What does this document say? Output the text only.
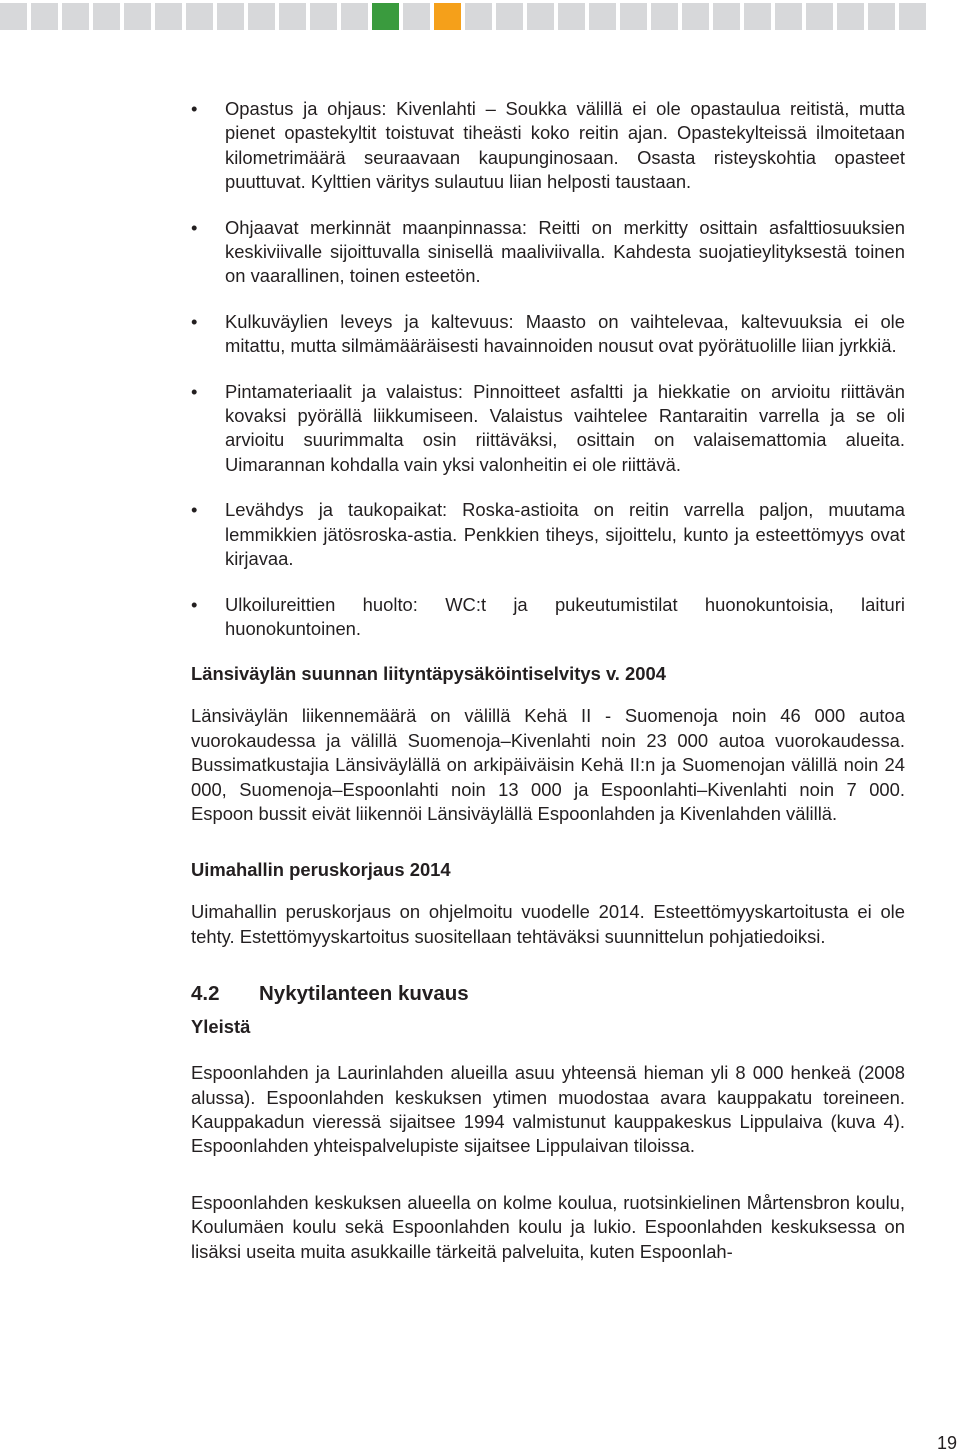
• Opastus ja ohjaus: Kivenlahti – Soukka välillä ei ole opastaulua reitistä, mutta pienet opastekyltit toistuvat tiheästi koko reitin ajan. Opastekylteissä ilmoitetaan kilometrimäärä seuraavaan kaupunginosaan. Osasta risteyskohtia opasteet puuttuvat. Kylttien väritys sulautuu liian helposti taustaan.
• Ohjaavat merkinnät maanpinnassa: Reitti on merkitty osittain asfalttiosuuksien keskiviivalle sijoittuvalla sinisellä maaliviivalla. Kahdesta suojatieylityksestä toinen on vaarallinen, toinen esteetön.
• Kulkuväylien leveys ja kaltevuus: Maasto on vaihtelevaa, kaltevuuksia ei ole mitattu, mutta silmämääräisesti havainnoiden nousut ovat pyörätuolille liian jyrkkiä.
• Pintamateriaalit ja valaistus: Pinnoitteet asfaltti ja hiekkatie on arvioitu riittävän kovaksi pyörällä liikkumiseen. Valaistus vaihtelee Rantaraitin varrella ja se oli arvioitu suurimmalta osin riittäväksi, osittain on valaisemattomia alueita. Uimarannan kohdalla vain yksi valonheitin ei ole riittävä.
• Levähdys ja taukopaikat: Roska-astioita on reitin varrella paljon, muutama lemmikkien jätösroska-astia. Penkkien tiheys, sijoittelu, kunto ja esteettömyys ovat kirjavaa.
• Ulkoilureittien huolto: WC:t ja pukeutumistilat huonokuntoisia, laituri huonokuntoinen.
Länsiväylän suunnan liityntäpysäköintiselvitys v. 2004

Länsiväylän liikennemäärä on välillä Kehä II - Suomenoja noin 46 000 autoa vuorokaudessa ja välillä Suomenoja–Kivenlahti noin 23 000 autoa vuorokaudessa. Bussimatkustajia Länsiväylällä on arkipäiväisin Kehä II:n ja Suomenojan välillä noin 24 000, Suomenoja–Espoonlahti noin 13 000 ja Espoonlahti–Kivenlahti noin 7 000. Espoon bussit eivät liikennöi Länsiväylällä Espoonlahden ja Kivenlahden välillä.

Uimahallin peruskorjaus 2014

Uimahallin peruskorjaus on ohjelmoitu vuodelle 2014. Esteettömyyskartoitusta ei ole tehty. Estettömyyskartoitus suositellaan tehtäväksi suunnittelun pohjatiedoiksi.

4.2 Nykytilanteen kuvaus
Yleistä

Espoonlahden ja Laurinlahden alueilla asuu yhteensä hieman yli 8 000 henkeä (2008 alussa). Espoonlahden keskuksen ytimen muodostaa avara kauppakatu toreineen. Kauppakadun vieressä sijaitsee 1994 valmistunut kauppakeskus Lippulaiva (kuva 4). Espoonlahden yhteispalvelupiste sijaitsee Lippulaivan tiloissa.

Espoonlahden keskuksen alueella on kolme koulua, ruotsinkielinen Mårtensbron koulu, Koulumäen koulu sekä Espoonlahden koulu ja lukio. Espoonlahden keskuksessa on lisäksi useita muita asukkaille tärkeitä palveluita, kuten Espoonlah-

19
